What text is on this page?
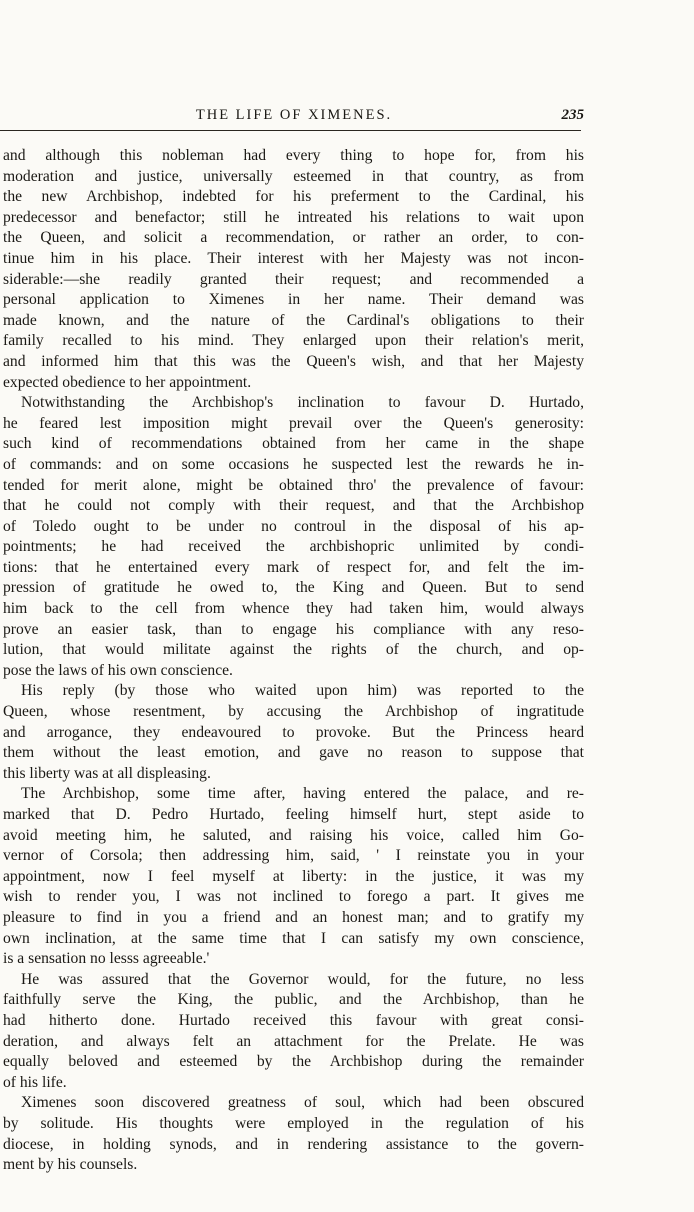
THE LIFE OF XIMENES.	235
and although this nobleman had every thing to hope for, from his
moderation and justice, universally esteemed in that country, as from
the new Archbishop, indebted for his preferment to the Cardinal, his
predecessor and benefactor; still he intreated his relations to wait upon
the Queen, and solicit a recommendation, or rather an order, to con-
tinue him in his place. Their interest with her Majesty was not incon-
siderable:—she readily granted their request; and recommended a
personal application to Ximenes in her name. Their demand was
made known, and the nature of the Cardinal's obligations to their
family recalled to his mind. They enlarged upon their relation's merit,
and informed him that this was the Queen's wish, and that her Majesty
expected obedience to her appointment.
Notwithstanding the Archbishop's inclination to favour D. Hurtado,
he feared lest imposition might prevail over the Queen's generosity:
such kind of recommendations obtained from her came in the shape
of commands: and on some occasions he suspected lest the rewards he in-
tended for merit alone, might be obtained thro' the prevalence of favour:
that he could not comply with their request, and that the Archbishop
of Toledo ought to be under no controul in the disposal of his ap-
pointments; he had received the archbishopric unlimited by condi-
tions: that he entertained every mark of respect for, and felt the im-
pression of gratitude he owed to, the King and Queen. But to send
him back to the cell from whence they had taken him, would always
prove an easier task, than to engage his compliance with any reso-
lution, that would militate against the rights of the church, and op-
pose the laws of his own conscience.
His reply (by those who waited upon him) was reported to the
Queen, whose resentment, by accusing the Archbishop of ingratitude
and arrogance, they endeavoured to provoke. But the Princess heard
them without the least emotion, and gave no reason to suppose that
this liberty was at all displeasing.
The Archbishop, some time after, having entered the palace, and re-
marked that D. Pedro Hurtado, feeling himself hurt, stept aside to
avoid meeting him, he saluted, and raising his voice, called him Go-
vernor of Corsola; then addressing him, said, ' I reinstate you in your
appointment, now I feel myself at liberty: in the justice, it was my
wish to render you, I was not inclined to forego a part. It gives me
pleasure to find in you a friend and an honest man; and to gratify my
own inclination, at the same time that I can satisfy my own conscience,
is a sensation no lesss agreeable.'
He was assured that the Governor would, for the future, no less
faithfully serve the King, the public, and the Archbishop, than he
had hitherto done. Hurtado received this favour with great consi-
deration, and always felt an attachment for the Prelate. He was
equally beloved and esteemed by the Archbishop during the remainder
of his life.
Ximenes soon discovered greatness of soul, which had been obscured
by solitude. His thoughts were employed in the regulation of his
diocese, in holding synods, and in rendering assistance to the govern-
ment by his counsels.
